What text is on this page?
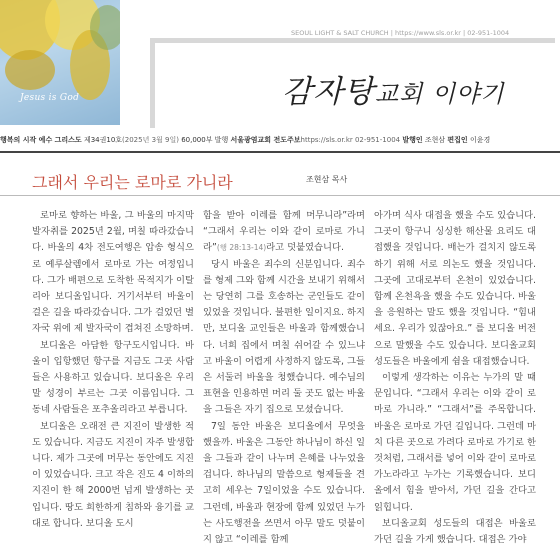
Jesus is God
SEOUL LIGHT & SALT CHURCH | https://www.sls.or.kr | 02-951-1004
감자탕교회 이야기
행복의 시작 예수 그리스도 제34권10호(2025년 3월 9일) 60,000부 발행 서울광염교회 전도주보https://sls.or.kr 02-951-1004 발행인 조현삼 편집인 이윤경
그래서 우리는 로마로 가니라	조현삼 목사

로마로 향하는 바울, 그 바울의 마지막 발자취를 2025년 2월, 며칠 따라갔습니다. 바울의 4차 전도여행은 압송 형식으로 예루살렘에서 로마로 가는 여정입니다. 그가 배편으로 도착한 목적지가 이탈리아 보디올입니다. 거기서부터 바울이 걸은 길을 따라갔습니다. 그가 걸었던 별자국 위에 제 발자국이 겹쳐진 소망하며.

보디올은 아담한 항구도시입니다. 바울이 입항했던 항구를 지금도 그곳 사람들은 사용하고 있습니다. 보디올은 우리말 성경이 부르는 그곳 이름입니다. 그 동네 사람들은 포추올리라고 부릅니다.

보디올은 오래전 큰 지진이 발생한 적도 있습니다. 지금도 지진이 자주 발생합니다. 제가 그곳에 머무는 동안에도 지진이 있었습니다. 크고 작은 진도 4 이하의 지진이 한 해 2000번 넘게 발생하는 곳입니다. 땅도 희한하게 침하와 융기를 교대로 합니다. 보디올 도시

함을 받아 이레를 함께 머무니라”라며 “그래서 우리는 이와 같이 로마로 가니라”(행 28:13-14)라고 덧붙였습니다.

당시 바울은 죄수의 신분입니다. 죄수를 형제 그와 함께 시간을 보내기 위해서는 당연히 그를 호송하는 군인들도 같이 있었을 것입니다. 불편한 일이지요. 하지만, 보디올 교인들은 바울과 함께했습니다. 너희 집에서 며칠 쉬어갈 수 있느냐고 바울이 어렵게 사정하지 않도록, 그들은 서둘러 바울을 청했습니다. 예수님의 표현을 인용하면 머리 둘 곳도 없는 바울을 그들은 자기 집으로 모셨습니다.

7일 동안 바울은 보디올에서 무엇을 했을까. 바울은 그동안 하나님이 하신 일을 그들과 같이 나누며 은혜를 나누었을 겁니다. 하나님의 말씀으로 형제들을 견고히 세우는 7일이었을 수도 있습니다. 그런데, 바울과 현장에 함께 있었던 누가는 사도행전을 쓰면서 아무 말도 덧붙이지 않고 “이레를 함께

아가며 식사 대접을 했을 수도 있습니다. 그곳이 항구니 싱싱한 해산물 요리도 대접했을 것입니다. 배는가 걸치지 않도록 하기 위해 서로 의논도 했을 것입니다. 그곳에 고대로부터 온천이 있었습니다. 함께 온천욕을 했을 수도 있습니다. 바울을 응원하는 말도 했을 것입니다. “힘내세요. 우리가 있잖아요.” 를 보디올 버전으로 말했을 수도 있습니다. 보디올교회 성도들은 바울에게 쉼을 대접했습니다.

이렇게 생각하는 이유는 누가의 말 때문입니다. “그래서 우리는 이와 같이 로마로 가니라.” “그래서”를 주목합니다. 바울은 로마로 가던 길입니다. 그런데 마치 다른 곳으로 가려다 로마로 가기로 한 것처럼, 그래서를 넣어 이와 같이 로마로 가노라라고 누가는 기록했습니다. 보디올에서 힘을 받아서, 가던 길을 간다고 읽힙니다.

보디올교회 성도들의 대접은 바울로 가던 길을 가게 했습니다. 대접은 가야
